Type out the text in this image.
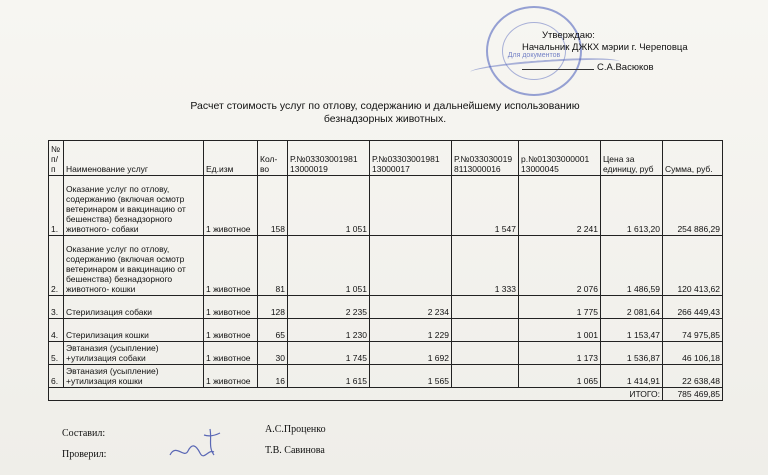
Для документов
Утверждаю:
Начальник ДЖКХ мэрии г. Череповца
С.А.Васюков
Расчет стоимость услуг по отлову, содержанию и дальнейшему использованию
безнадзорных животных.
№ п/п	Наименование услуг	Ед.изм	Кол-во	Р.№03303001981 13000019	Р.№03303001981 13000017	Р.№033030019 8113000016	р.№01303000001 13000045	Цена за единицу, руб	Сумма, руб.
1.	Оказание услуг по отлову, содержанию (включая осмотр ветеринаром и вакцинацию от бешенства) безнадзорного животного- собаки	1 животное	158	1 051		1 547	2 241	1 613,20	254 886,29
2.	Оказание услуг по отлову, содержанию (включая осмотр ветеринаром и вакцинацию от бешенства) безнадзорного животного- кошки	1 животное	81	1 051		1 333	2 076	1 486,59	120 413,62
3.	Стерилизация собаки	1 животное	128	2 235	2 234		1 775	2 081,64	266 449,43
4.	Стерилизация кошки	1 животное	65	1 230	1 229		1 001	1 153,47	74 975,85
5.	Эвтаназия (усыпление) +утилизация собаки	1 животное	30	1 745	1 692		1 173	1 536,87	46 106,18
6.	Эвтаназия (усыпление) +утилизация кошки	1 животное	16	1 615	1 565		1 065	1 414,91	22 638,48
ИТОГО:									785 469,85
Составил:	А.С.Проценко
Проверил:	Т.В. Савинова
